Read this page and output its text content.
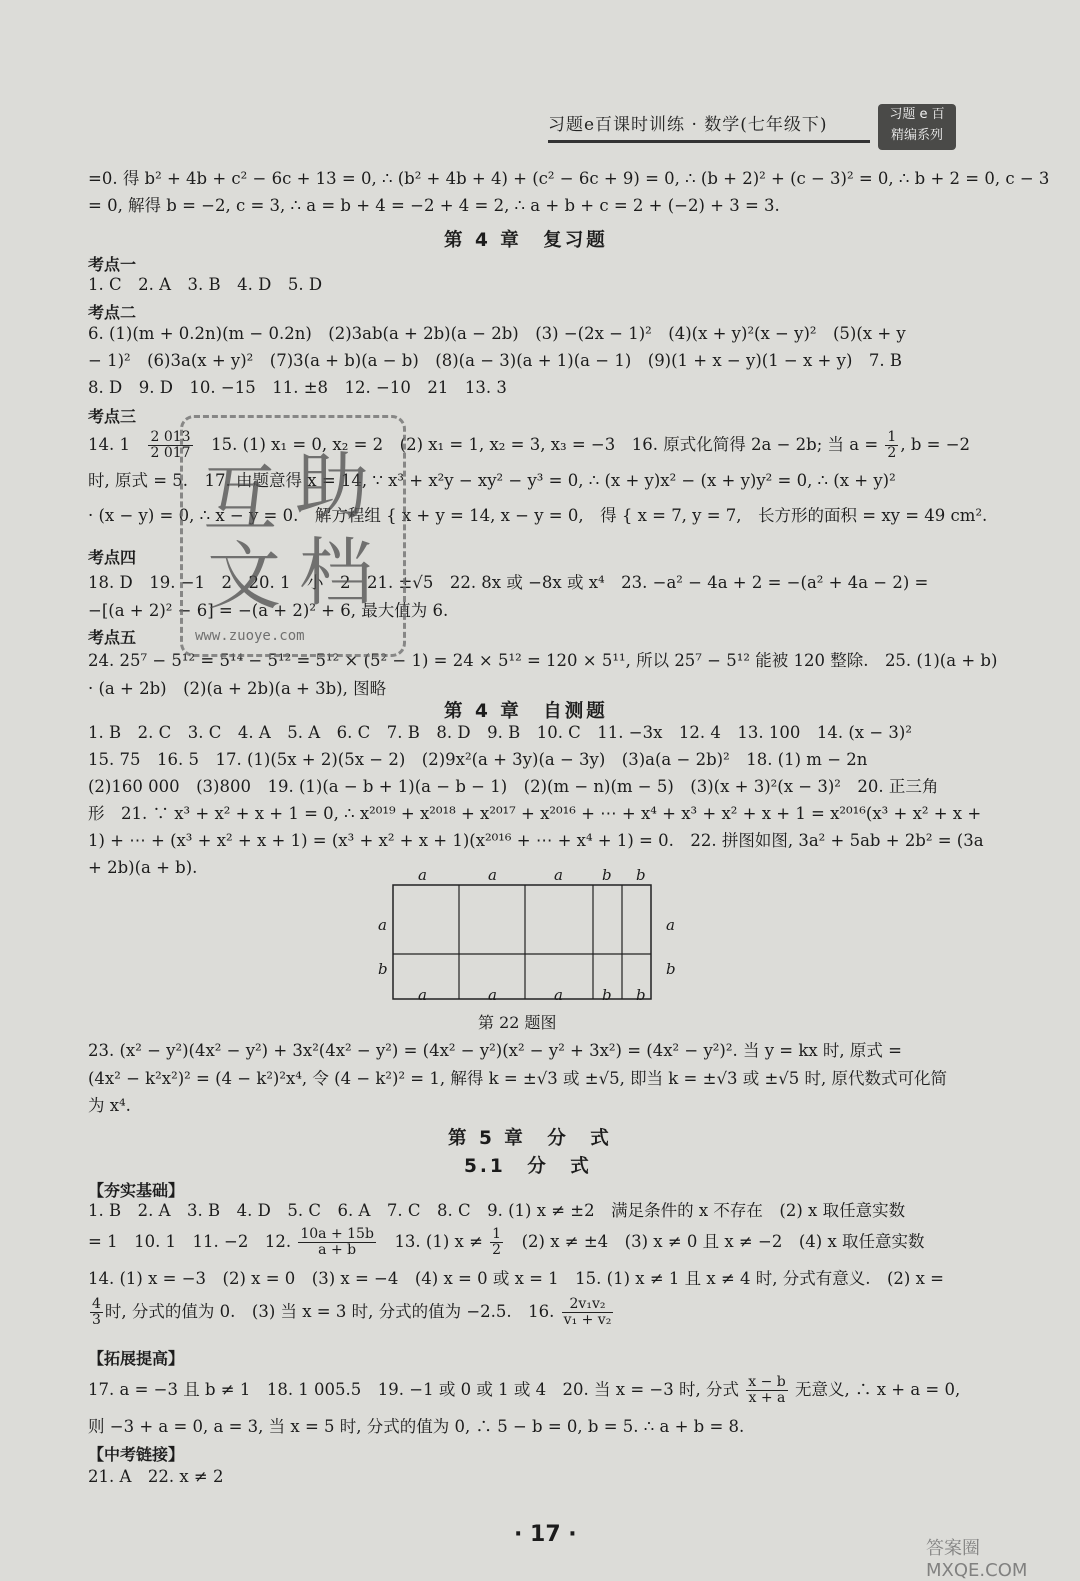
习题e百课时训练 · 数学(七年级下)
习题 e 百
精编系列
=0. 得 b² + 4b + c² − 6c + 13 = 0, ∴ (b² + 4b + 4) + (c² − 6c + 9) = 0, ∴ (b + 2)² + (c − 3)² = 0, ∴ b + 2 = 0, c − 3
= 0, 解得 b = −2, c = 3, ∴ a = b + 4 = −2 + 4 = 2, ∴ a + b + c = 2 + (−2) + 3 = 3.
第 4 章　复习题
考点一
1. C　2. A　3. B　4. D　5. D
考点二
6. (1)(m + 0.2n)(m − 0.2n)　(2)3ab(a + 2b)(a − 2b)　(3) −(2x − 1)²　(4)(x + y)²(x − y)²　(5)(x + y
− 1)²　(6)3a(x + y)²　(7)3(a + b)(a − b)　(8)(a − 3)(a + 1)(a − 1)　(9)(1 + x − y)(1 − x + y)　7. B
8. D　9. D　10. −15　11. ±8　12. −10　21　13. 3
考点三
14. 1　 $\frac{2 013}{2 017}$ 　15. (1) x₁ = 0, x₂ = 2　(2) x₁ = 1, x₂ = 3, x₃ = −3　16. 原式化简得 2a − 2b; 当 $a = \frac{1}{2}$ , b = −2
时, 原式 = 5.　17. 由题意得 x = 14, ∵ x³ + x²y − xy² − y³ = 0, ∴ (x + y)x² − (x + y)y² = 0, ∴ (x + y)²
· (x − y) = 0, ∴ x − y = 0.　解方程组 { x + y = 14, x − y = 0,　得 { x = 7, y = 7,　长方形的面积 = xy = 49 cm².
考点四
18. D　19. −1　2　20. 1　小　2　21. ±√5　22. 8x 或 −8x 或 x⁴　23. −a² − 4a + 2 = −(a² + 4a − 2) =
−[(a + 2)² − 6] = −(a + 2)² + 6, 最大值为 6.
考点五
24. 25⁷ − 5¹² = 5¹⁴ − 5¹² = 5¹² × (5² − 1) = 24 × 5¹² = 120 × 5¹¹, 所以 25⁷ − 5¹² 能被 120 整除.　25. (1)(a + b)
· (a + 2b)　(2)(a + 2b)(a + 3b), 图略
互 助
文 档
www.zuoye.com
第 4 章　自测题
1. B　2. C　3. C　4. A　5. A　6. C　7. B　8. D　9. B　10. C　11. −3x　12. 4　13. 100　14. (x − 3)²
15. 75　16. 5　17. (1)(5x + 2)(5x − 2)　(2)9x²(a + 3y)(a − 3y)　(3)a(a − 2b)²　18. (1) m − 2n
(2)160 000　(3)800　19. (1)(a − b + 1)(a − b − 1)　(2)(m − n)(m − 5)　(3)(x + 3)²(x − 3)²　20. 正三角
形　21. ∵ x³ + x² + x + 1 = 0, ∴ x²⁰¹⁹ + x²⁰¹⁸ + x²⁰¹⁷ + x²⁰¹⁶ + ⋯ + x⁴ + x³ + x² + x + 1 = x²⁰¹⁶(x³ + x² + x +
1) + ⋯ + (x³ + x² + x + 1) = (x³ + x² + x + 1)(x²⁰¹⁶ + ⋯ + x⁴ + 1) = 0.　22. 拼图如图, 3a² + 5ab + 2b² = (3a
+ 2b)(a + b).	a	a	a	b b
a	a	a	b b
a
b
a
b
第 22 题图
23. (x² − y²)(4x² − y²) + 3x²(4x² − y²) = (4x² − y²)(x² − y² + 3x²) = (4x² − y²)². 当 y = kx 时, 原式 =
(4x² − k²x²)² = (4 − k²)²x⁴, 令 (4 − k²)² = 1, 解得 k = ±√3 或 ±√5, 即当 k = ±√3 或 ±√5 时, 原代数式可化简
为 x⁴.
第 5 章　分　式
5.1　分　式
【夯实基础】
1. B　2. A　3. B　4. D　5. C　6. A　7. C　8. C　9. (1) x ≠ ±2　满足条件的 x 不存在　(2) x 取任意实数
= 1　10. 1　11. −2　12. $\frac{10a + 15b}{a + b}$ 　13. (1) $x \ne \frac{1}{2}$ 　(2) x ≠ ±4　(3) x ≠ 0 且 x ≠ −2　(4) x 取任意实数
14. (1) x = −3　(2) x = 0　(3) x = −4　(4) x = 0 或 x = 1　15. (1) x ≠ 1 且 x ≠ 4 时, 分式有意义.　(2) x =
$\frac{4}{3}$ 时, 分式的值为 0.　(3) 当 x = 3 时, 分式的值为 −2.5.　16. $\frac{\text{2v₁v₂}}{\text{v₁ + v₂}}$
【拓展提高】
17. a = −3 且 b ≠ 1　18. 1 005.5　19. −1 或 0 或 1 或 4　20. 当 x = −3 时, 分式 $\frac{x - b}{x + a}$ 无意义, ∴ x + a = 0,
则 −3 + a = 0, a = 3, 当 x = 5 时, 分式的值为 0, ∴ 5 − b = 0, b = 5. ∴ a + b = 8.
【中考链接】
21. A　22. x ≠ 2
· 17 ·
答案圈 MXQE.COM
